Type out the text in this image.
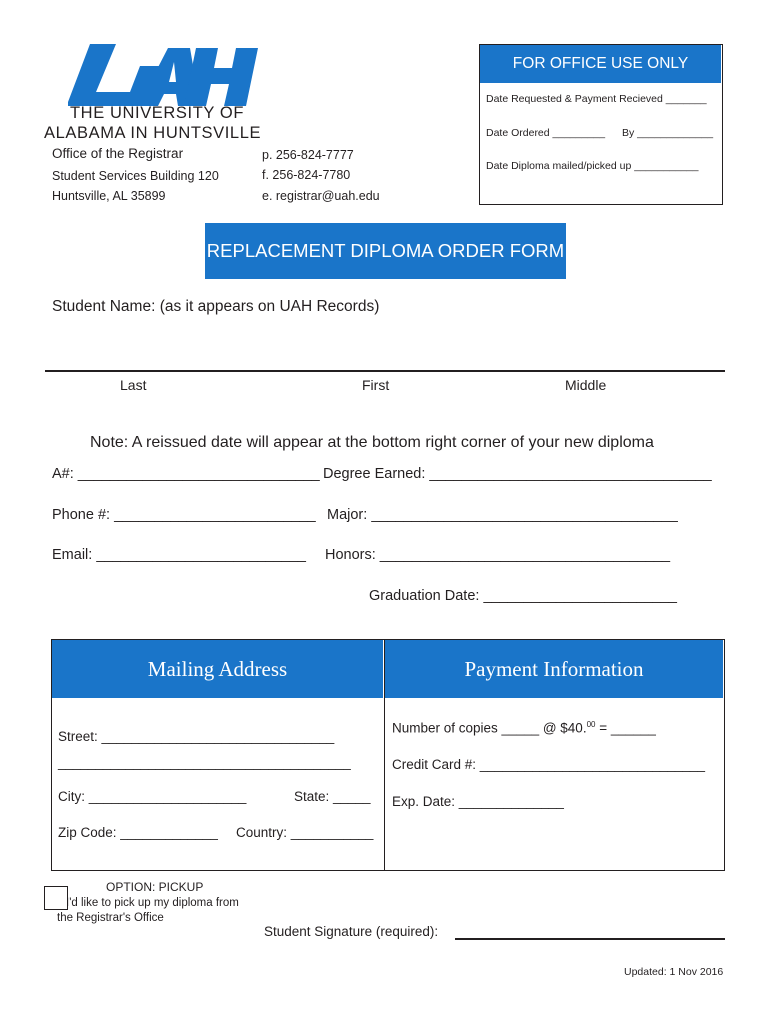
THE UNIVERSITY OF
ALABAMA IN HUNTSVILLE
Office of the Registrar
Student Services Building 120
Huntsville, AL 35899
p. 256-824-7777
f. 256-824-7780
e. registrar@uah.edu
FOR OFFICE USE ONLY
Date Requested & Payment Recieved _______
Date Ordered _________ By _____________
Date Diploma mailed/picked up ___________
REPLACEMENT DIPLOMA ORDER FORM
Student Name: (as it appears on UAH Records)
Last	First	Middle
Note: A reissued date will appear at the bottom right corner of your new diploma
A#: ______________________________ Degree Earned: ___________________________________
Phone #: _________________________ Major: ______________________________________
Email: __________________________ Honors: ____________________________________
Graduation Date: ________________________
Mailing Address
Street: _______________________________
_______________________________________
City: _____________________	State: _____
Zip Code: _____________ Country: ___________
Payment Information
Number of copies _____ @ $40.00 = ______
Credit Card #: ______________________________
Exp. Date: ______________
OPTION: PICKUP
I'd like to pick up my diploma from
the Registrar's Office
Student Signature (required):
Updated: 1 Nov 2016
